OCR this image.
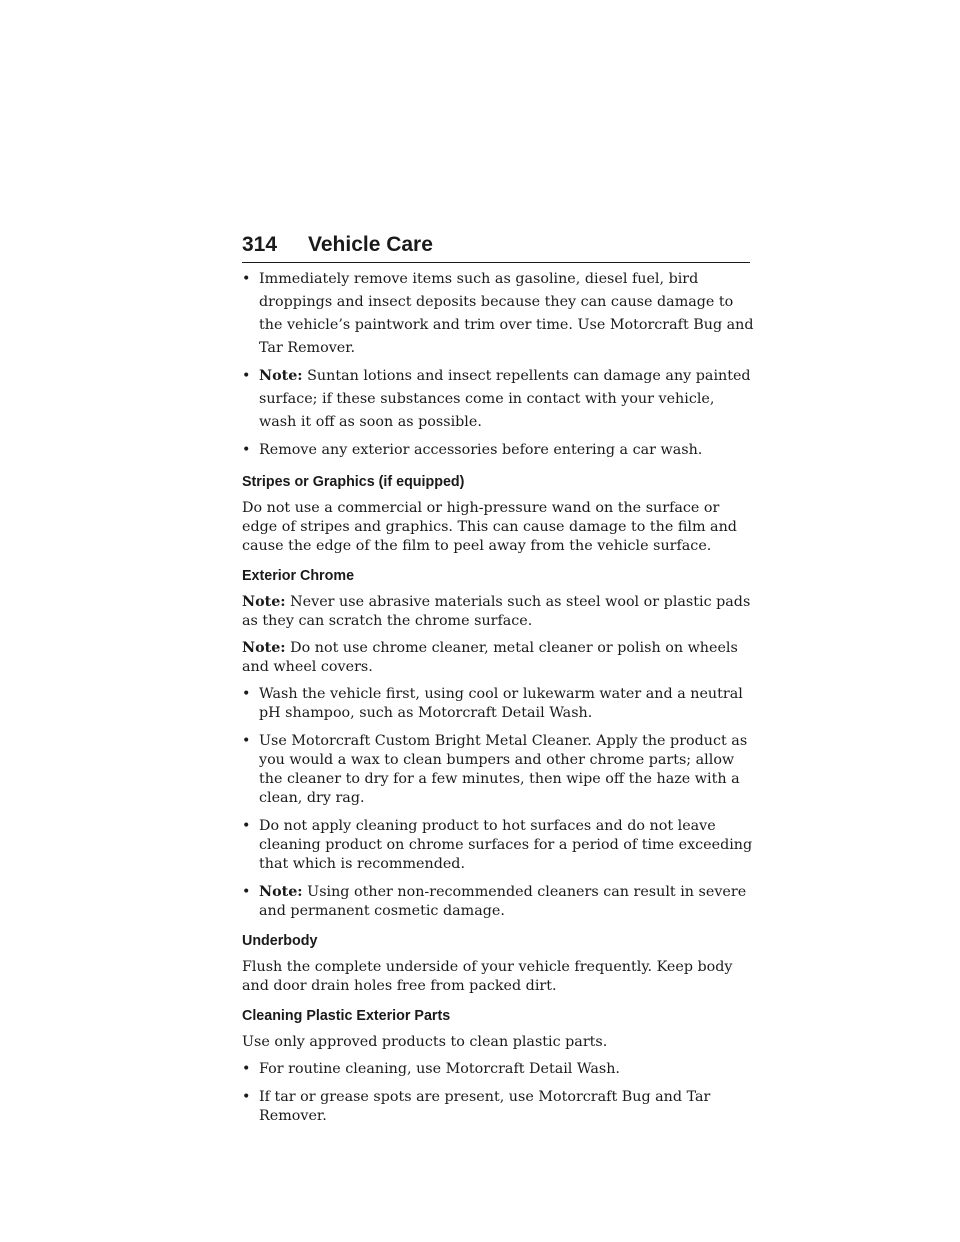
314 Vehicle Care
• Immediately remove items such as gasoline, diesel fuel, bird droppings and insect deposits because they can cause damage to the vehicle’s paintwork and trim over time. Use Motorcraft Bug and Tar Remover.
• Note: Suntan lotions and insect repellents can damage any painted surface; if these substances come in contact with your vehicle, wash it off as soon as possible.
• Remove any exterior accessories before entering a car wash.
Stripes or Graphics (if equipped)

Do not use a commercial or high-pressure wand on the surface or edge of stripes and graphics. This can cause damage to the film and cause the edge of the film to peel away from the vehicle surface.

Exterior Chrome

Note: Never use abrasive materials such as steel wool or plastic pads as they can scratch the chrome surface.

Note: Do not use chrome cleaner, metal cleaner or polish on wheels and wheel covers.

• Wash the vehicle first, using cool or lukewarm water and a neutral pH shampoo, such as Motorcraft Detail Wash.
• Use Motorcraft Custom Bright Metal Cleaner. Apply the product as you would a wax to clean bumpers and other chrome parts; allow the cleaner to dry for a few minutes, then wipe off the haze with a clean, dry rag.
• Do not apply cleaning product to hot surfaces and do not leave cleaning product on chrome surfaces for a period of time exceeding that which is recommended.
• Note: Using other non-recommended cleaners can result in severe and permanent cosmetic damage.
Underbody

Flush the complete underside of your vehicle frequently. Keep body and door drain holes free from packed dirt.

Cleaning Plastic Exterior Parts

Use only approved products to clean plastic parts.

• For routine cleaning, use Motorcraft Detail Wash.
• If tar or grease spots are present, use Motorcraft Bug and Tar Remover.
